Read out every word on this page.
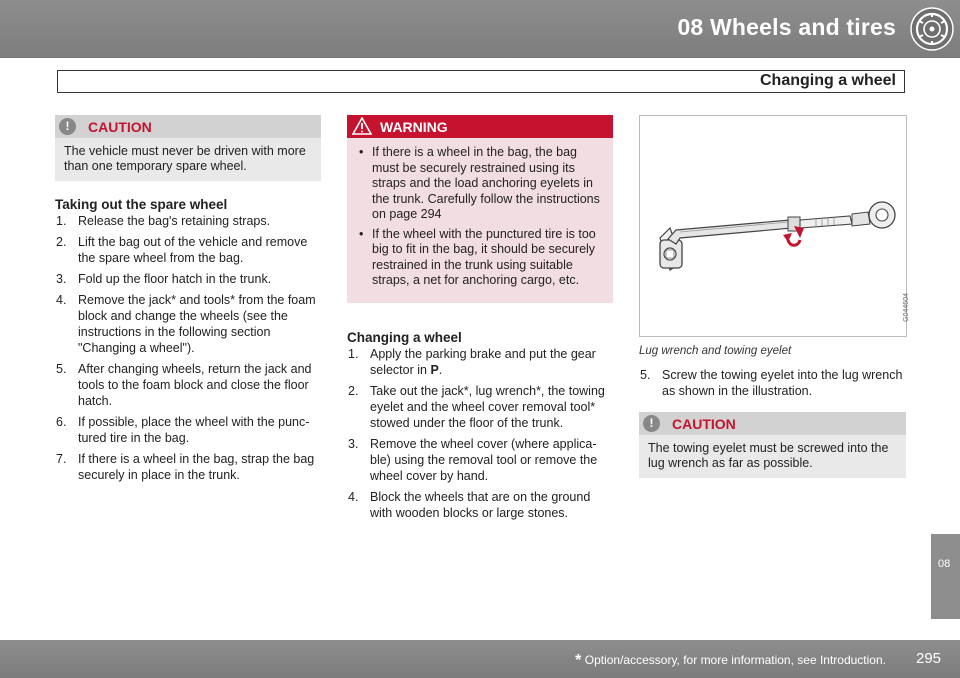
08 Wheels and tires
Changing a wheel
!	CAUTION
The vehicle must never be driven with more than one temporary spare wheel.
Taking out the spare wheel
1. Release the bag's retaining straps.
2. Lift the bag out of the vehicle and remove the spare wheel from the bag.
3. Fold up the floor hatch in the trunk.
4. Remove the jack* and tools* from the foam block and change the wheels (see the instructions in the following section "Changing a wheel").
5. After changing wheels, return the jack and tools to the foam block and close the floor hatch.
6. If possible, place the wheel with the punc-tured tire in the bag.
7. If there is a wheel in the bag, strap the bag securely in place in the trunk.
WARNING
• If there is a wheel in the bag, the bag must be securely restrained using its straps and the load anchoring eyelets in the trunk. Carefully follow the instructions on page 294
• If the wheel with the punctured tire is too big to fit in the bag, it should be securely restrained in the trunk using suitable straps, a net for anchoring cargo, etc.
Changing a wheel
1. Apply the parking brake and put the gear selector in P.
2. Take out the jack*, lug wrench*, the towing eyelet and the wheel cover removal tool* stowed under the floor of the trunk.
3. Remove the wheel cover (where applica-ble) using the removal tool or remove the wheel cover by hand.
4. Block the wheels that are on the ground with wooden blocks or large stones.
G044604
Lug wrench and towing eyelet
5. Screw the towing eyelet into the lug wrench as shown in the illustration.
!	CAUTION
The towing eyelet must be screwed into the lug wrench as far as possible.
08
* Option/accessory, for more information, see Introduction. 295
